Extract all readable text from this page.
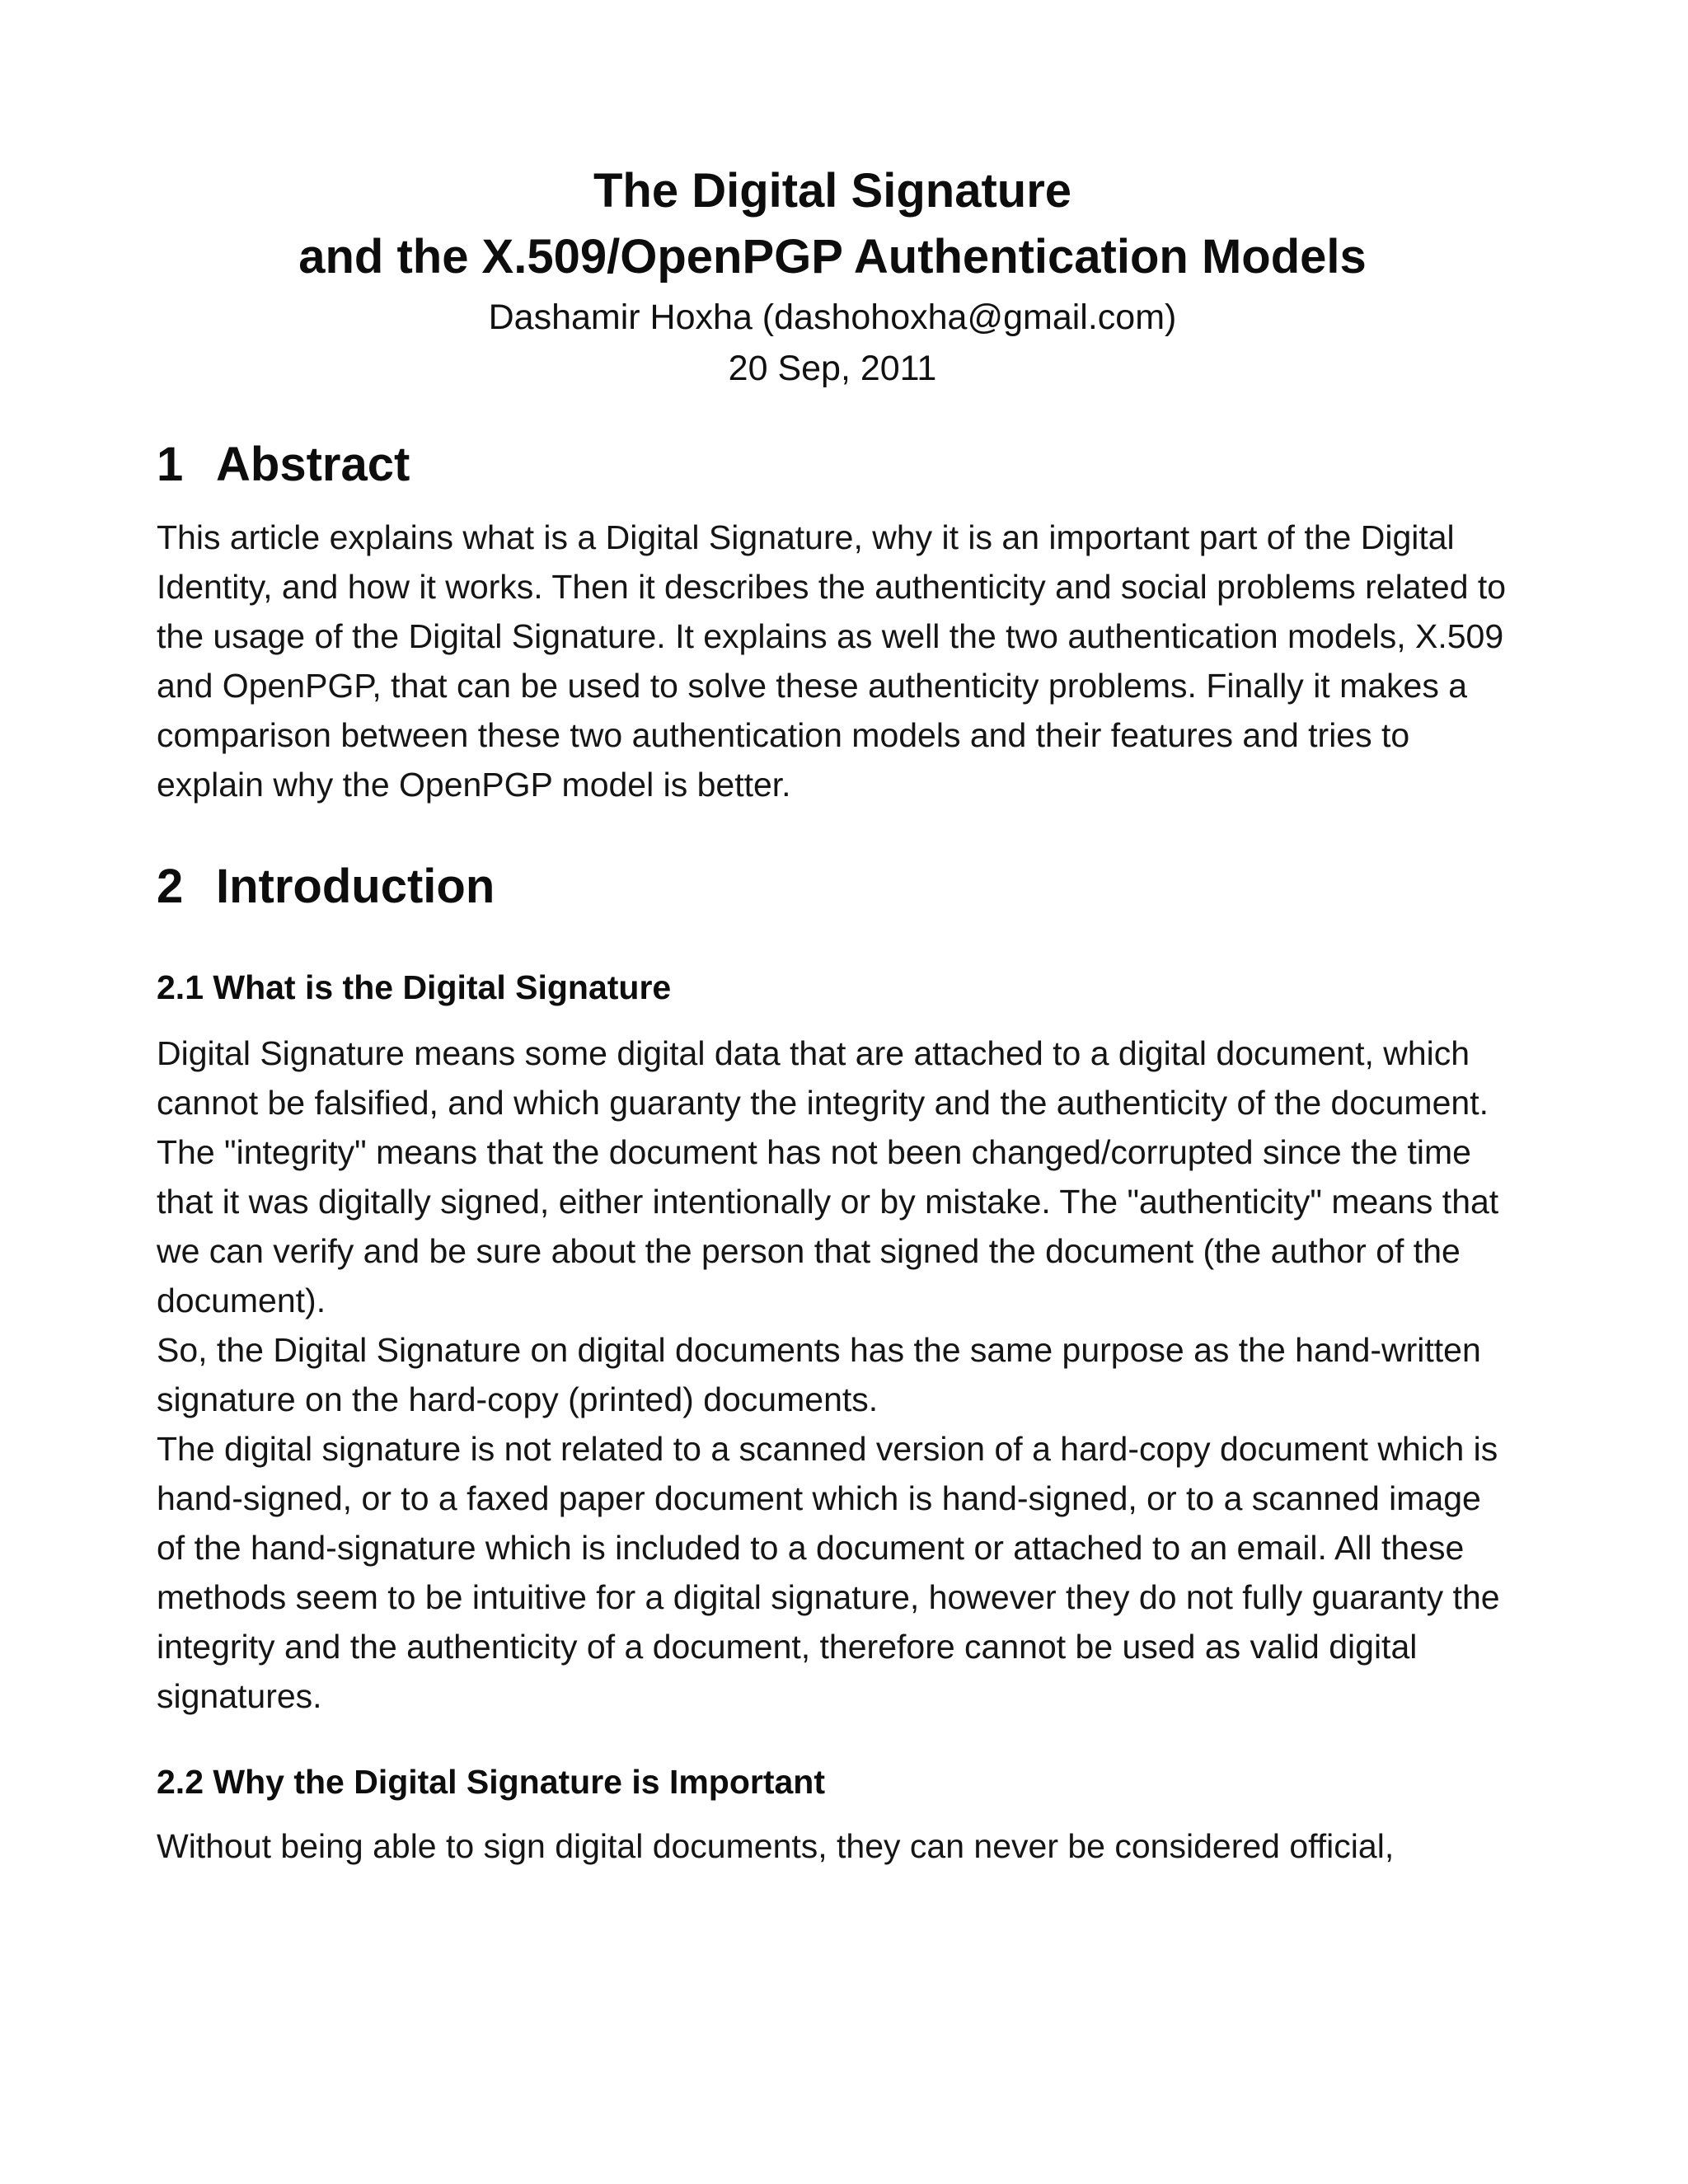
The Digital Signature
and the X.509/OpenPGP Authentication Models
Dashamir Hoxha (dashohoxha@gmail.com)
20 Sep, 2011
1 Abstract

This article explains what is a Digital Signature, why it is an important part of the Digital Identity, and how it works. Then it describes the authenticity and social problems related to the usage of the Digital Signature. It explains as well the two authentication models, X.509 and OpenPGP, that can be used to solve these authenticity problems. Finally it makes a comparison between these two authentication models and their features and tries to explain why the OpenPGP model is better.

2 Introduction
2.1 What is the Digital Signature

Digital Signature means some digital data that are attached to a digital document, which cannot be falsified, and which guaranty the integrity and the authenticity of the document.

The "integrity" means that the document has not been changed/corrupted since the time that it was digitally signed, either intentionally or by mistake. The "authenticity" means that we can verify and be sure about the person that signed the document (the author of the document).

So, the Digital Signature on digital documents has the same purpose as the hand-written signature on the hard-copy (printed) documents.

The digital signature is not related to a scanned version of a hard-copy document which is hand-signed, or to a faxed paper document which is hand-signed, or to a scanned image of the hand-signature which is included to a document or attached to an email. All these methods seem to be intuitive for a digital signature, however they do not fully guaranty the integrity and the authenticity of a document, therefore cannot be used as valid digital signatures.

2.2 Why the Digital Signature is Important

Without being able to sign digital documents, they can never be considered official,
